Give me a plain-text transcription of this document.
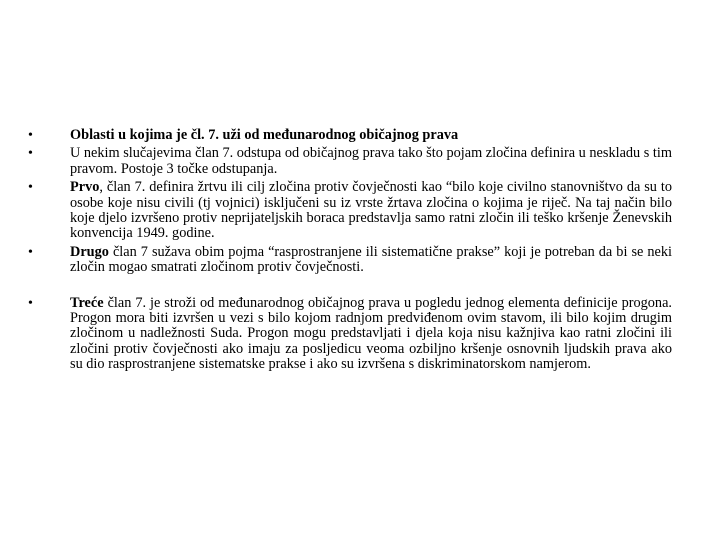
•	Oblasti u kojima je čl. 7. uži od međunarodnog običajnog prava
•	U nekim slučajevima član 7. odstupa od običajnog prava tako što pojam zločina definira u neskladu s tim pravom. Postoje 3 točke odstupanja.
•	Prvo, član 7. definira žrtvu ili cilj zločina protiv čovječnosti kao “bilo koje civilno stanovništvo da su to osobe koje nisu civili (tj vojnici) isključeni su iz vrste žrtava zločina o kojima je riječ. Na taj način bilo koje djelo izvršeno protiv neprijateljskih boraca predstavlja samo ratni zločin ili teško kršenje Ženevskih konvencija 1949. godine.
•	Drugo član 7 sužava obim pojma “rasprostranjene ili sistematične prakse” koji je potreban da bi se neki zločin mogao smatrati zločinom protiv čovječnosti.
•	Treće član 7. je stroži od međunarodnog običajnog prava u pogledu jednog elementa definicije progona. Progon mora biti izvršen u vezi s bilo kojom radnjom predviđenom ovim stavom, ili bilo kojim drugim zločinom u nadležnosti Suda. Progon mogu predstavljati i djela koja nisu kažnjiva kao ratni zločini ili zločini protiv čovječnosti ako imaju za posljedicu veoma ozbiljno kršenje osnovnih ljudskih prava ako su dio rasprostranjene sistematske prakse i ako su izvršena s diskriminatorskom namjerom.
